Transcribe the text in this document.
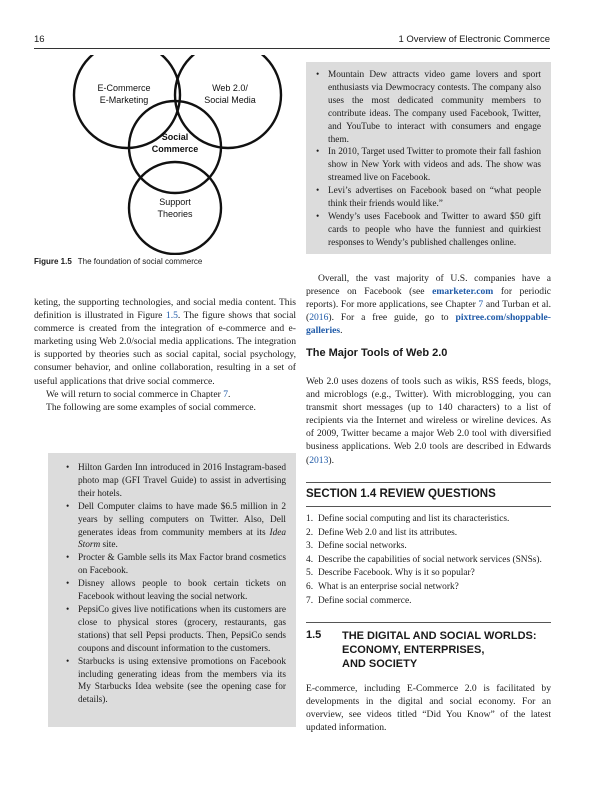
16	1 Overview of Electronic Commerce
E-Commerce
E-Marketing
Web 2.0/
Social Media
Social
Commerce
Support
Theories
Figure 1.5 The foundation of social commerce
• Mountain Dew attracts video game lovers and sport enthusiasts via Dewmocracy contests. The company also uses the most dedicated community members to contribute ideas. The company used Facebook, Twitter, and YouTube to interact with consumers and engage them.
• In 2010, Target used Twitter to promote their fall fashion show in New York with videos and ads. The show was streamed live on Facebook.
• Levi’s advertises on Facebook based on “what people think their friends would like.”
• Wendy’s uses Facebook and Twitter to award $50 gift cards to people who have the funniest and quirkiest responses to Wendy’s published challenges online.

Overall, the vast majority of U.S. companies have a presence on Facebook (see emarketer.com for periodic reports). For more applications, see Chapter 7 and Turban et al. (2016). For a free guide, go to pixtree.com/shoppable-galleries.

The Major Tools of Web 2.0

Web 2.0 uses dozens of tools such as wikis, RSS feeds, blogs, and microblogs (e.g., Twitter). With microblogging, you can transmit short messages (up to 140 characters) to a list of recipients via the Internet and wireless or wireline devices. As of 2009, Twitter became a major Web 2.0 tool with diversified business applications. Web 2.0 tools are described in Edwards (2013).

SECTION 1.4 REVIEW QUESTIONS
1. Define social computing and list its characteristics.
2. Define Web 2.0 and list its attributes.
3. Define social networks.
4. Describe the capabilities of social network services (SNSs).
5. Describe Facebook. Why is it so popular?
6. What is an enterprise social network?
7. Define social commerce.
1.5 THE DIGITAL AND SOCIAL WORLDS:
ECONOMY, ENTERPRISES,
AND SOCIETY

E-commerce, including E-Commerce 2.0 is facilitated by developments in the digital and social economy. For an overview, see videos titled “Did You Know” of the latest updated information.

keting, the supporting technologies, and social media content. This definition is illustrated in Figure 1.5. The figure shows that social commerce is created from the integration of e-commerce and e-marketing using Web 2.0/social media applications. The integration is supported by theories such as social capital, social psychology, consumer behavior, and online collaboration, resulting in a set of useful applications that drive social commerce.

We will return to social commerce in Chapter 7.

The following are some examples of social commerce.

• Hilton Garden Inn introduced in 2016 Instagram-based photo map (GFI Travel Guide) to assist in advertising their hotels.
• Dell Computer claims to have made $6.5 million in 2 years by selling computers on Twitter. Also, Dell generates ideas from community members at its Idea Storm site.
• Procter & Gamble sells its Max Factor brand cosmetics on Facebook.
• Disney allows people to book certain tickets on Facebook without leaving the social network.
• PepsiCo gives live notifications when its customers are close to physical stores (grocery, restaurants, gas stations) that sell Pepsi products. Then, PepsiCo sends coupons and discount information to the customers.
• Starbucks is using extensive promotions on Facebook including generating ideas from the members via its My Starbucks Idea website (see the opening case for details).
